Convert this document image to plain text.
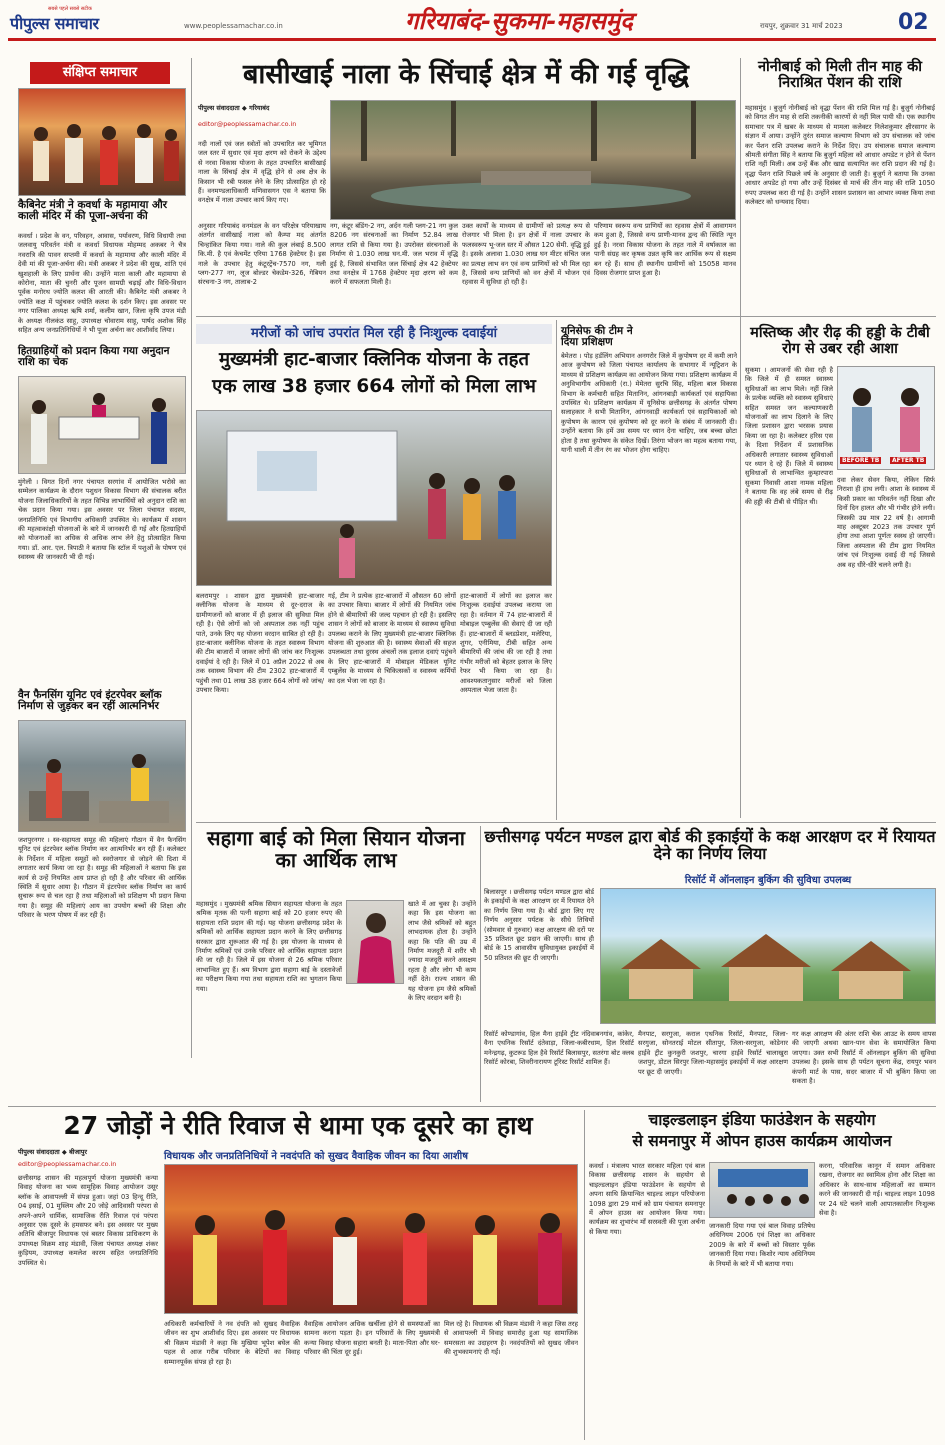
सबसे पहले सबसे सटीक
पीपुल्स समाचार	www.peoplessamachar.co.in	गरियाबंद-सुकमा-महासमुंद	रायपुर, शुक्रवार 31 मार्च 2023	02
संक्षिप्त समाचार
कैबिनेट मंत्री ने कवर्धा के महामाया और काली मंदिर में की पूजा-अर्चना की
कवर्धा । प्रदेश के वन, परिवहन, आवास, पर्यावरण, विधि विधायी तथा जलवायु परिवर्तन मंत्री व कवर्धा विधायक मोहम्मद अकबर ने चैत्र नवरात्रि की पावन सप्तमी में कवर्धा के महामाया और काली मंदिर में देवी मां की पूजा-अर्चना की। मंत्री अकबर ने प्रदेश की सुख, शांति एवं खुशहाली के लिए प्रार्थना की। उन्होंने माता काली और महामाया से कोरोना, माता की चुनरी और पूजन सामग्री चढ़ाई और विधि-विधान पूर्वक मनोरथ ज्योति कलश की आरती की। कैबिनेट मंत्री अकबर ने ज्योति कक्ष में पहुंचकर ज्योति कलश के दर्शन किए। इस अवसर पर नगर पालिका अध्यक्ष ऋषि शर्मा, कलीम खान, जिला कृषि उपज मंडी के अध्यक्ष नीलकंठ साहू, उपाध्यक्ष चोवाराम साहू, पार्षद अशोक सिंह सहित अन्य जनप्रतिनिधियों ने भी पूजा अर्चना कर आशीर्वाद लिया।
हितग्राहियों को प्रदान किया गया अनुदान राशि का चेक
मुंगेली । विगत दिनों नगर पंचायत सरगांव में आयोजित भरोसे का सम्मेलन कार्यक्रम के दौरान पशुधन विकास विभाग की संचालक बरीत योजना जिलाधिकारियों के तहत विभिन्न लाभार्थियों को अनुदान राशि का चेक प्रदान किया गया। इस अवसर पर जिला पंचायत सदस्य, जनप्रतिनिधि एवं विभागीय अधिकारी उपस्थित थे। कार्यक्रम में शासन की महत्वाकांक्षी योजनाओं के बारे में जानकारी दी गई और हितग्राहियों को योजनाओं का अधिक से अधिक लाभ लेने हेतु प्रोत्साहित किया गया। डॉ. आर. एल. त्रिपाठी ने बताया कि स्टॉल में पशुओं के पोषण एवं स्वास्थ्य की जानकारी भी दी गई।
वैन फैनसिंग यूनिट एवं इंटरपेवर ब्लॉक निर्माण से जुड़कर बन रहीं आत्मनिर्भर
जशपुरनगर । स्व-सहायता समूह की महिलाएं गौठान में वैन फैनसिंग यूनिट एवं इंटरपेवर ब्लॉक निर्माण कर आत्मनिर्भर बन रही हैं। कलेक्टर के निर्देशन में महिला समूहों को स्वरोजगार से जोड़ने की दिशा में लगातार कार्य किया जा रहा है। समूह की महिलाओं ने बताया कि इस कार्य से उन्हें नियमित आय प्राप्त हो रही है और परिवार की आर्थिक स्थिति में सुधार आया है। गौठान में इंटरपेवर ब्लॉक निर्माण का कार्य सुचारू रूप से चल रहा है तथा महिलाओं को प्रशिक्षण भी प्रदान किया गया है। समूह की महिलाएं आय का उपयोग बच्चों की शिक्षा और परिवार के भरण पोषण में कर रही हैं।
बासीखाई नाला के सिंचाई क्षेत्र में की गई वृद्धि
पीपुल्स संवाददाता ◆ गरियाबंद
editor@peoplessamachar.co.in
नदी नालों एवं जल स्त्रोतों को उपचारित कर भूमिगत जल स्तर में सुधार एवं मृदा क्षरण को रोकने के उद्देश्य से नरवा विकास योजना के तहत उपचारित बासीखाई नाला के सिंचाई क्षेत्र में वृद्धि होने से अब क्षेत्र के किसान भी रबी फसल लेने के लिए प्रोत्साहित हो रहे हैं। वनमण्डलाधिकारी मणिवासगन एस ने बताया कि वनक्षेत्र में नाला उपचार कार्य किए गए।
अनुसार गरियाबंद वनमंडल के वन परिक्षेत्र परियाखाय अंतर्गत वासीखाई नाला को कैम्पा मद अंतर्गत चिन्हांकित किया गया। नाले की कुल लंबाई 8.500 कि.मी. है एवं केचमेंट एरिया 1768 हेक्टेयर है। इस नाले के उपचार हेतु कंटूरट्रेंच-7570 नग, गली प्लग-277 नग, लूज बोल्डर चेकडेम-326, गेबियन संरचना-3 नग, तालाब-2
नग, कंटूर बंडिंग-2 नग, अर्दन गली प्लग-21 नग कुल 8206 नग संरचनाओं का निर्माण 52.84 लाख लागत राशि से किया गया है। उपरोक्त संरचनाओं के निर्माण से 1.030 लाख घन.मी. जल भराव में वृद्धि हुई है, जिससे संभावित जल सिंचाई क्षेत्र 42 हेक्टेयर तथा वनक्षेत्र में 1768 हेक्टेयर मृदा क्षरण को कम करने में सफलता मिली है।
उक्त कार्यों के माध्यम से ग्रामीणों को प्रत्यक्ष रूप से रोजगार भी मिला है। इन क्षेत्रों में नाला उपचार के फलस्वरूप भू-जल स्तर में औसत 120 सेमी. वृद्धि हुई है। इसके अलावा 1.030 लाख घन मीटर संचित जल का प्रत्यक्ष लाभ वन एवं वन्य प्राणियों को भी मिल रहा है, जिससे वन्य प्राणियों को वन क्षेत्रों में भोजन एवं रहवास में सुविधा हो रही है।
परिणाम स्वरूप वन्य प्राणियों का रहवास क्षेत्रों में आवागमन कम हुआ है, जिससे वन्य प्राणी-मानव द्वन्द की स्थिति न्यून हुई है। नरवा विकास योजना के तहत नाले में वर्षाकाल का पानी संग्रह कर कृषक उन्नत कृषि कर आर्थिक रूप से सक्षम बन रहे हैं। साथ ही स्थानीय ग्रामीणों को 15058 मानव दिवस रोजगार प्राप्त हुआ है।
नोनीबाई को मिली तीन माह की निराश्रित पेंशन की राशि
महासमुंद । बुजुर्ग नोनीबाई को वृद्धा पेंशन की राशि मिल गई है। बुजुर्ग नोनीबाई को विगत तीन माह से राशि तकनीकी कारणों से नहीं मिल पायी थी। एक स्थानीय समाचार पत्र में खबर के माध्यम से मामला कलेक्टर निलेशकुमार क्षीरसागर के संज्ञान में आया। उन्होंने तुरंत समाज कल्याण विभाग को उप संचालक को जांच कर पेंशन राशि उपलब्ध कराने के निर्देश दिए। उप संचालक समाज कल्याण श्रीमती संगीता सिंह ने बताया कि बुजुर्ग महिला को आधार अपडेट न होने से पेंशन राशि नहीं मिली। अब उन्हें बैंक और खाद्य सत्यापित कर राशि प्रदान की गई है। वृद्धा पेंशन राशि पिछले वर्ष के अनुसार दी जाती है। बुजुर्ग ने बताया कि उनका आधार अपडेट हो गया और उन्हें दिसंबर से मार्च की तीन माह की राशि 1050 रुपए उपलब्ध करा दी गई है। उन्होंने शासन प्रशासन का आभार व्यक्त किया तथा कलेक्टर को धन्यवाद दिया।
मरीजों को जांच उपरांत मिल रही है निःशुल्क दवाईयां
मुख्यमंत्री हाट-बाजार क्लिनिक योजना के तहत
एक लाख 38 हजार 664 लोगों को मिला लाभ
बलरामपुर । शासन द्वारा मुख्यमंत्री हाट-बाजार क्लीनिक योजना के माध्यम से दूर-दराज के ग्रामीणजनों को बाजार में ही इलाज की सुविधा मिल रही है। ऐसे लोगों को जो अस्पताल तक नहीं पहुंच पाते, उनके लिए यह योजना वरदान साबित हो रही है। हाट-बाजार क्लीनिक योजना के तहत स्वास्थ्य विभाग की टीम बाजारों में जाकर लोगों की जांच कर निःशुल्क दवाईयां दे रही है। जिले में 01 अप्रैल 2022 से अब तक स्वास्थ्य विभाग की टीम 2302 हाट-बाजारों में पहुंची तथा 01 लाख 38 हजार 664 लोगों को जांच/उपचार किया।
गई, टीम ने प्रत्येक हाट-बाजारों में औसतन 60 लोगों का उपचार किया। बाजार में लोगों की नियमित जांच होने से बीमारियों की जल्द पहचान हो रही है। इसलिए शासन ने लोगों को बाजार के माध्यम से स्वास्थ्य सुविधा उपलब्ध कराने के लिए मुख्यमंत्री हाट-बाजार क्लिनिक योजना की शुरुआत की है। स्वास्थ्य सेवाओं की सहज उपलब्धता तथा दुरस्थ अंचलों तक इलाज दवाएं पहुंचने के लिए हाट-बाजारों में मोबाइल मेडिकल यूनिट एम्बुलेंस के माध्यम से चिकित्सकों व स्वास्थ्य कर्मियों का दल भेजा जा रहा है।
हाट-बाजारों में लोगों का इलाज कर निःशुल्क दवाईयां उपलब्ध कराया जा रहा है। वर्तमान में 74 हाट-बाजारों में मोबाइल एम्बुलेंस की सेवाएं दी जा रही हैं। हाट-बाजारों में ब्लडप्रेशर, मलेरिया, शुगर, एनीमिया, टीबी सहित अन्य बीमारियों की जांच की जा रही है तथा गंभीर मरीजों को बेहतर इलाज के लिए रेफर भी किया जा रहा है। आवश्यकतानुसार मरीजों को जिला अस्पताल भेजा जाता है।
यूनिसेफ की टीम ने दिया प्रशिक्षण
बेमेतरा । पोड़ हर्डलिंग अभियान अनगरोर जिले में कुपोषण दर में कमी लाने आज कुपोषण को जिला पंचायत कार्यालय के सभागार में न्यूट्रिशन के माध्यम से प्रशिक्षण कार्यक्रम का आयोजन किया गया। प्रशिक्षण कार्यक्रम में अनुविभागीय अधिकारी (रा.) मेमेतरा सुरचि सिंह, महिला बाल विकास विभाग के कर्मचारी सहित मितानिन, आंगनबाड़ी कार्यकर्ता एवं सहायिका उपस्थित थे। प्रशिक्षण कार्यक्रम में यूनिसेफ छत्तीसगढ़ के अंतर्गत पोषण सलाहकार ने सभी मितानिन, आंगनवाड़ी कार्यकर्ता एवं सहायिकाओं को कुपोषण के कारण एवं कुपोषण को दूर करने के संबंध में जानकारी दी। उन्होंने बताया कि हमें उस समय पर ध्यान देना चाहिए, जब बच्चा छोटा होता है तथा कुपोषण के संकेत दिखें। तिरंगा भोजन का महत्व बताया गया, यानी थाली में तीन रंग का भोजन होना चाहिए।
मस्तिष्क और रीढ़ की हड्डी के टीबी रोग से उबर रही आशा
सुकमा । आमजनों की सेवा रही है कि जिले में ही समस्त स्वास्थ्य सुविधाओं का लाभ मिले। नहीं जिले के प्रत्येक व्यक्ति को स्वास्थ्य सुविधाएं सहित समस्त जन कल्याणकारी योजनाओं का लाभ दिलाने के लिए जिला प्रशासन द्वारा भरसक प्रयास किया जा रहा है। कलेक्टर हरिस एस के दिशा निर्देशन में प्रशासनिक अधिकारी लगातार स्वास्थ्य सुविधाओं पर ध्यान दे रहे हैं। जिले में स्वास्थ्य सुविधाओं से लाभान्वित कुम्हारपारा सुकमा निवासी आशा नामक महिला ने बताया कि वह लंबे समय से रीढ़ की हड्डी की टीबी से पीड़ित थी।
BEFORE TB	AFTER TB
दवा लेकर सेवन किया, लेकिन सिर्फ निराशा ही हाथ लगी। आशा के स्वास्थ्य में किसी प्रकार का परिवर्तन नहीं दिखा और दिनों दिन हालत और भी गंभीर होने लगी। जिसकी उम्र मात्र 22 वर्ष है। आगामी माह अक्टूबर 2023 तक उपचार पूर्ण होगा तथा आशा पूर्णतः स्वस्थ हो जाएगी। जिला अस्पताल की टीम द्वारा नियमित जांच एवं निःशुल्क दवाई दी गई जिससे अब वह धीरे-धीरे चलने लगी है।
सहागा बाई को मिला सियान योजना का आर्थिक लाभ
महासमुंद । मुख्यमंत्री श्रमिक सियान सहायता योजना के तहत श्रमिक मृतक की पत्नी सहागा बाई को 20 हजार रुपए की सहायता राशि प्रदान की गई। यह योजना छत्तीसगढ़ प्रदेश के श्रमिकों को आर्थिक सहायता प्रदान करने के लिए छत्तीसगढ़ सरकार द्वारा शुरूआत की गई है। इस योजना के माध्यम से निर्माण श्रमिकों एवं उनके परिवार को आर्थिक सहायता प्रदान की जा रही है। जिले में इस योजना से 26 श्रमिक परिवार लाभान्वित हुए हैं। श्रम विभाग द्वारा सहागा बाई के दस्तावेजों का परीक्षण किया गया तथा सहायता राशि का भुगतान किया गया।
खाते में आ चुका है। उन्होंने कहा कि इस योजना का लाभ जैसे श्रमिकों को बहुत लाभदायक होता है। उन्होंने कहा कि पति की उम्र में निर्माण मजदूरी में शरीर भी ज्यादा मजदूरी करने असक्षम रहता है और लोग भी काम नहीं देते। राज्य शासन की यह योजना हम जैसे श्रमिकों के लिए वरदान बनी है।
छत्तीसगढ़ पर्यटन मण्डल द्वारा बोर्ड की इकाईयों के कक्ष आरक्षण दर में रियायत देने का निर्णय लिया
रिसॉर्ट में ऑनलाइन बुकिंग की सुविधा उपलब्ध
बिलासपुर । छत्तीसगढ़ पर्यटन मण्डल द्वारा बोर्ड के इकाईयों के कक्ष आरक्षण दर में रियायत देने का निर्णय लिया गया है। बोर्ड द्वारा लिए गए निर्णय अनुसार पर्यटक के सीधे तिथियों (सोमवार से गुरुवार) कक्ष आरक्षण की दरों पर 35 प्रतिशत छूट प्रदान की जाएगी। साथ ही बोर्ड के 15 आवासीय सुविधायुक्त इकाईयों में 50 प्रतिशत की छूट दी जाएगी।
रिसॉर्ट कोण्डागांव, हिल मैना हाईवे ट्रीट नंदिवाबनगांव, कांकेर, वैना एथनिक रिसॉर्ट दंतेवाड़ा, जिला-कबीरधाम, हिल रिसॉर्ट मनेन्द्रगढ़, कुटरूड हिल हैवे रिसॉर्ट बिलासपुर, सतरंगा बोट क्लब रिसॉर्ट कोरबा, शिवरीनारायण टूरिस्ट रिसॉर्ट शामिल हैं।
मैनपाट, सरगुजा, कराल एथनिक रिसॉर्ट, मैनपाट, जिला-सरगुजा, सोनतराई मोटल सीतापुर, जिला-सरगुजा, कोडेनार हाईवे ट्रीट कुनकुरी जशपुर, चारगा हाईवे रिसॉर्ट चालाखुरा जशपुर, डोटल सिरपुर जिला-महासमुंद इकाईयों में कक्ष आरक्षण पर छूट दी जाएगी।
गर कक्ष आरक्षण की अंतर राशि चेक आउट के समय वापस की जाएगी अथवा खान-पान सेवा के समायोजित किया जाएगा। उक्त सभी रिसॉर्ट में ऑनलाइन बुकिंग की सुविधा उपलब्ध है। इसके साथ ही पर्यटन सूचना केंद्र, रायपुर भवन कंपनी मार्ट के पास, सदर बाजार में भी बुकिंग किया जा सकता है।
27 जोड़ों ने रीति रिवाज से थामा एक दूसरे का हाथ
पीपुल्स संवाददाता ◆ बीजापुर
editor@peoplessamachar.co.in
विधायक और जनप्रतिनिधियों ने नवदंपति को सुखद वैवाहिक जीवन का दिया आशीष
छत्तीसगढ़ शासन की महत्वपूर्ण योजना मुख्यमंत्री कन्या विवाह योजना का भव्य सामूहिक विवाह आयोजन उसूर ब्लॉक के आवापल्ली में संपन्न हुआ। जहां 03 हिन्दू रीति, 04 इसाई, 01 मुस्लिम और 20 जोड़े आदिवासी परंपरा से अपने-अपने धार्मिक, सामाजिक रीति रिवाज एवं परंपरा अनुसार एक दूसरे के हमसफर बने। इस अवसर पर मुख्य अतिथि बीजापुर विधायक एवं बस्तर विकास प्राधिकरण के उपाध्यक्ष विक्रम शाह मंडावी, जिला पंचायत अध्यक्ष शंकर कुड़ियम, उपाध्यक्ष कमलेश कारम सहित जनप्रतिनिधि उपस्थित थे।
अधिकारी कर्मचारियों ने नव दंपति को सुखद वैवाहिक जीवन का शुभ आशीर्वाद दिए। इस अवसर पर विधायक श्री विक्रम मंडावी ने कहा कि मुखिया भूपेश बघेल की पहल से आज गरीब परिवार के बेटियों का विवाह सम्मानपूर्वक संपन्न हो रहा है।
वैवाहिक आयोजन अधिक खर्चीला होने से समस्याओं का सामना करना पड़ता है। इन परिवारों के लिए मुख्यमंत्री कन्या विवाह योजना सहारा बनती है। माता-पिता और घर-परिवार की चिंता दूर हुई।
मिल रहे है। विधायक श्री विक्रम मंडावी ने कहा जिस तरह से आवापल्ली में विवाह समारोह हुआ यह सामाजिक समरसता का उदाहरण है। नवदंपतियों को सुखद जीवन की शुभकामनाएं दी गईं।
चाइल्डलाइन इंडिया फाउंडेशन के सहयोग
से समनापुर में ओपन हाउस कार्यक्रम आयोजन
कवर्धा । मंत्रालय भारत सरकार महिला एवं बाल विकास छत्तीसगढ़ शासन के सहयोग से चाइल्डलाइन इंडिया फाउंडेशन के सहयोग से अपना साथि क्रियान्वित चाइल्ड लाइन परियोजना 1098 द्वारा 29 मार्च को ग्राम पंचायत समनापुर में ओपन हाउस का आयोजन किया गया। कार्यक्रम का शुभारंभ माँ सरस्वती की पूजा अर्चना से किया गया।
जानकारी दिया गया एवं बाल विवाह प्रतिषेध अधिनियम 2006 एवं शिक्षा का अधिकार 2009 के बारे में बच्चों को विस्तार पूर्वक जानकारी दिया गया। किशोर न्याय अधिनियम के नियमों के बारे में भी बताया गया।
करना, परिवारिक कानून में समान अधिकार रखना, रोजगार का स्वामित्व होना और शिक्षा का अधिकार के साथ-साथ महिलाओं का सम्मान करने की जानकारी दी गई। चाइल्ड लाइन 1098 पर 24 घंटे चलने वाली आपातकालीन निःशुल्क सेवा है।
